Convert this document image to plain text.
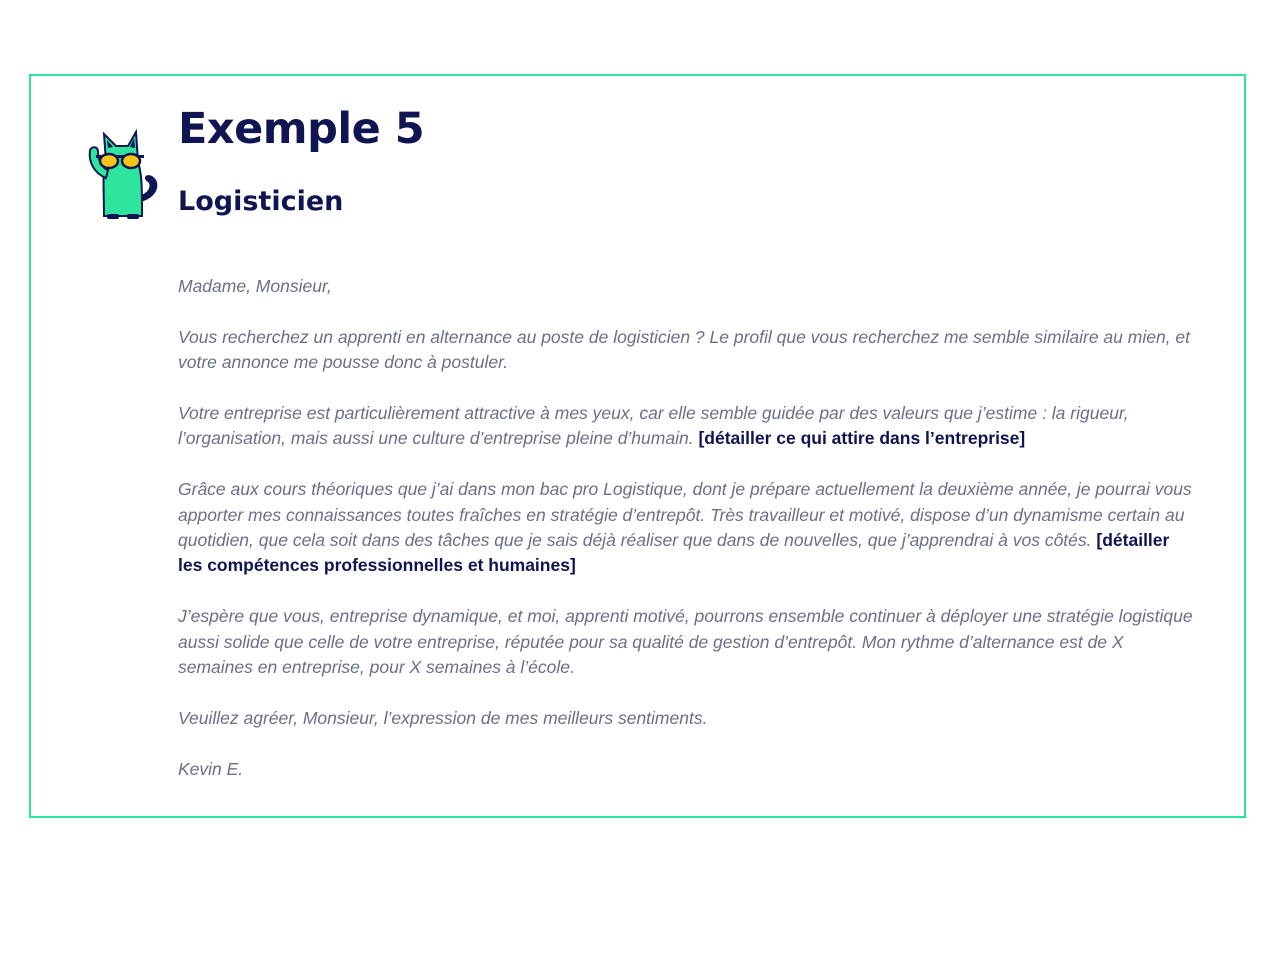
Exemple 5
Logisticien

Madame, Monsieur,

Vous recherchez un apprenti en alternance au poste de logisticien ? Le profil que vous recherchez me semble similaire au mien, et votre annonce me pousse donc à postuler.

Votre entreprise est particulièrement attractive à mes yeux, car elle semble guidée par des valeurs que j’estime : la rigueur, l’organisation, mais aussi une culture d’entreprise pleine d’humain. [détailler ce qui attire dans l’entreprise]

Grâce aux cours théoriques que j’ai dans mon bac pro Logistique, dont je prépare actuellement la deuxième année, je pourrai vous apporter mes connaissances toutes fraîches en stratégie d’entrepôt. Très travailleur et motivé, dispose d’un dynamisme certain au quotidien, que cela soit dans des tâches que je sais déjà réaliser que dans de nouvelles, que j’apprendrai à vos côtés. [détailler les compétences professionnelles et humaines]

J’espère que vous, entreprise dynamique, et moi, apprenti motivé, pourrons ensemble continuer à déployer une stratégie logistique aussi solide que celle de votre entreprise, réputée pour sa qualité de gestion d’entrepôt. Mon rythme d’alternance est de X semaines en entreprise, pour X semaines à l’école.

Veuillez agréer, Monsieur, l’expression de mes meilleurs sentiments.

Kevin E.
